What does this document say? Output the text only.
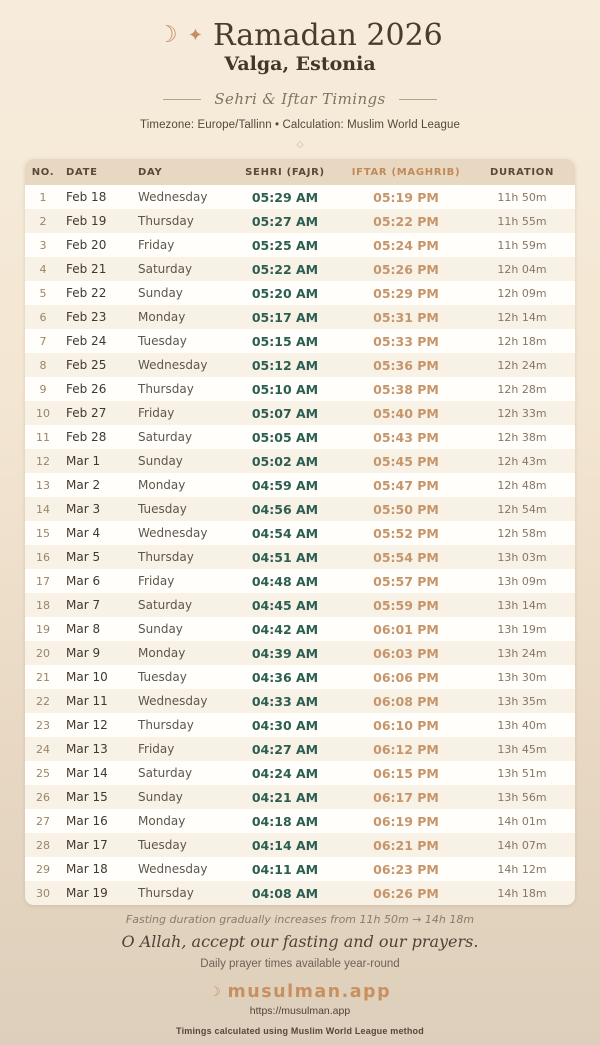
☾ ✦ Ramadan 2026
Valga, Estonia
Sehri & Iftar Timings
Timezone: Europe/Tallinn • Calculation: Muslim World League
◇
NO.	DATE	DAY	SEHRI (FAJR)	IFTAR (MAGHRIB)	DURATION
1	Feb 18	Wednesday	05:29 AM	05:19 PM	11h 50m
2	Feb 19	Thursday	05:27 AM	05:22 PM	11h 55m
3	Feb 20	Friday	05:25 AM	05:24 PM	11h 59m
4	Feb 21	Saturday	05:22 AM	05:26 PM	12h 04m
5	Feb 22	Sunday	05:20 AM	05:29 PM	12h 09m
6	Feb 23	Monday	05:17 AM	05:31 PM	12h 14m
7	Feb 24	Tuesday	05:15 AM	05:33 PM	12h 18m
8	Feb 25	Wednesday	05:12 AM	05:36 PM	12h 24m
9	Feb 26	Thursday	05:10 AM	05:38 PM	12h 28m
10	Feb 27	Friday	05:07 AM	05:40 PM	12h 33m
11	Feb 28	Saturday	05:05 AM	05:43 PM	12h 38m
12	Mar 1	Sunday	05:02 AM	05:45 PM	12h 43m
13	Mar 2	Monday	04:59 AM	05:47 PM	12h 48m
14	Mar 3	Tuesday	04:56 AM	05:50 PM	12h 54m
15	Mar 4	Wednesday	04:54 AM	05:52 PM	12h 58m
16	Mar 5	Thursday	04:51 AM	05:54 PM	13h 03m
17	Mar 6	Friday	04:48 AM	05:57 PM	13h 09m
18	Mar 7	Saturday	04:45 AM	05:59 PM	13h 14m
19	Mar 8	Sunday	04:42 AM	06:01 PM	13h 19m
20	Mar 9	Monday	04:39 AM	06:03 PM	13h 24m
21	Mar 10	Tuesday	04:36 AM	06:06 PM	13h 30m
22	Mar 11	Wednesday	04:33 AM	06:08 PM	13h 35m
23	Mar 12	Thursday	04:30 AM	06:10 PM	13h 40m
24	Mar 13	Friday	04:27 AM	06:12 PM	13h 45m
25	Mar 14	Saturday	04:24 AM	06:15 PM	13h 51m
26	Mar 15	Sunday	04:21 AM	06:17 PM	13h 56m
27	Mar 16	Monday	04:18 AM	06:19 PM	14h 01m
28	Mar 17	Tuesday	04:14 AM	06:21 PM	14h 07m
29	Mar 18	Wednesday	04:11 AM	06:23 PM	14h 12m
30	Mar 19	Thursday	04:08 AM	06:26 PM	14h 18m
Fasting duration gradually increases from 11h 50m → 14h 18m
O Allah, accept our fasting and our prayers.
Daily prayer times available year-round
☾ musulman.app
https://musulman.app
Timings calculated using Muslim World League method
